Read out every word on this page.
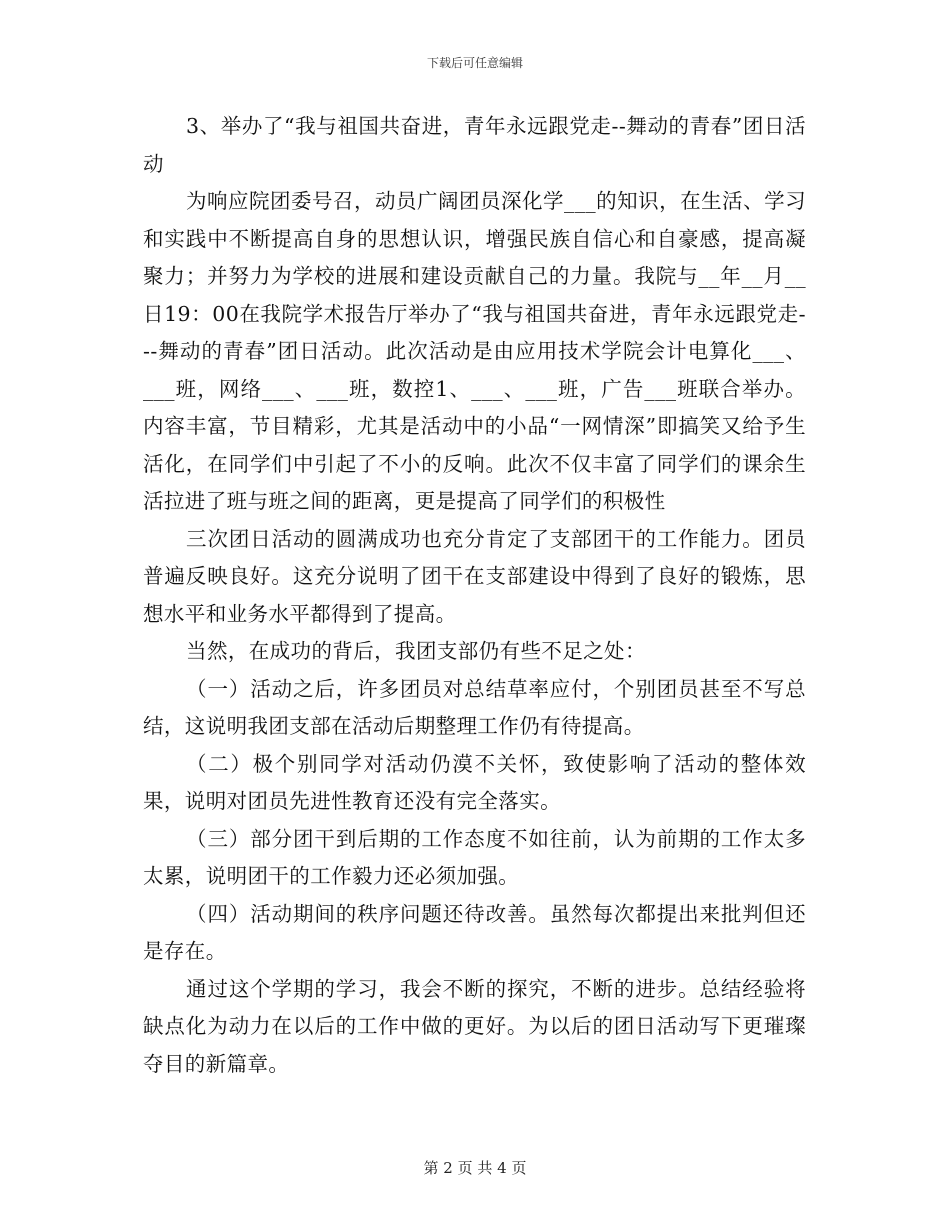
下载后可任意编辑

3、举办了“我与祖国共奋进，青年永远跟党走--舞动的青春”团日活动

为响应院团委号召，动员广阔团员深化学___的知识，在生活、学习和实践中不断提高自身的思想认识，增强民族自信心和自豪感，提高凝聚力；并努力为学校的进展和建设贡献自己的力量。我院与__年__月__日19：00在我院学术报告厅举办了“我与祖国共奋进，青年永远跟党走---舞动的青春”团日活动。此次活动是由应用技术学院会计电算化___、___班，网络___、___班，数控1、___、___班，广告___班联合举办。内容丰富，节目精彩，尤其是活动中的小品“一网情深”即搞笑又给予生活化，在同学们中引起了不小的反响。此次不仅丰富了同学们的课余生活拉进了班与班之间的距离，更是提高了同学们的积极性

三次团日活动的圆满成功也充分肯定了支部团干的工作能力。团员普遍反映良好。这充分说明了团干在支部建设中得到了良好的锻炼，思想水平和业务水平都得到了提高。

当然，在成功的背后，我团支部仍有些不足之处：

（一）活动之后，许多团员对总结草率应付，个别团员甚至不写总结，这说明我团支部在活动后期整理工作仍有待提高。

（二）极个别同学对活动仍漠不关怀，致使影响了活动的整体效果，说明对团员先进性教育还没有完全落实。

（三）部分团干到后期的工作态度不如往前，认为前期的工作太多太累，说明团干的工作毅力还必须加强。

（四）活动期间的秩序问题还待改善。虽然每次都提出来批判但还是存在。

通过这个学期的学习，我会不断的探究，不断的进步。总结经验将缺点化为动力在以后的工作中做的更好。为以后的团日活动写下更璀璨夺目的新篇章。

第 2 页 共 4 页
